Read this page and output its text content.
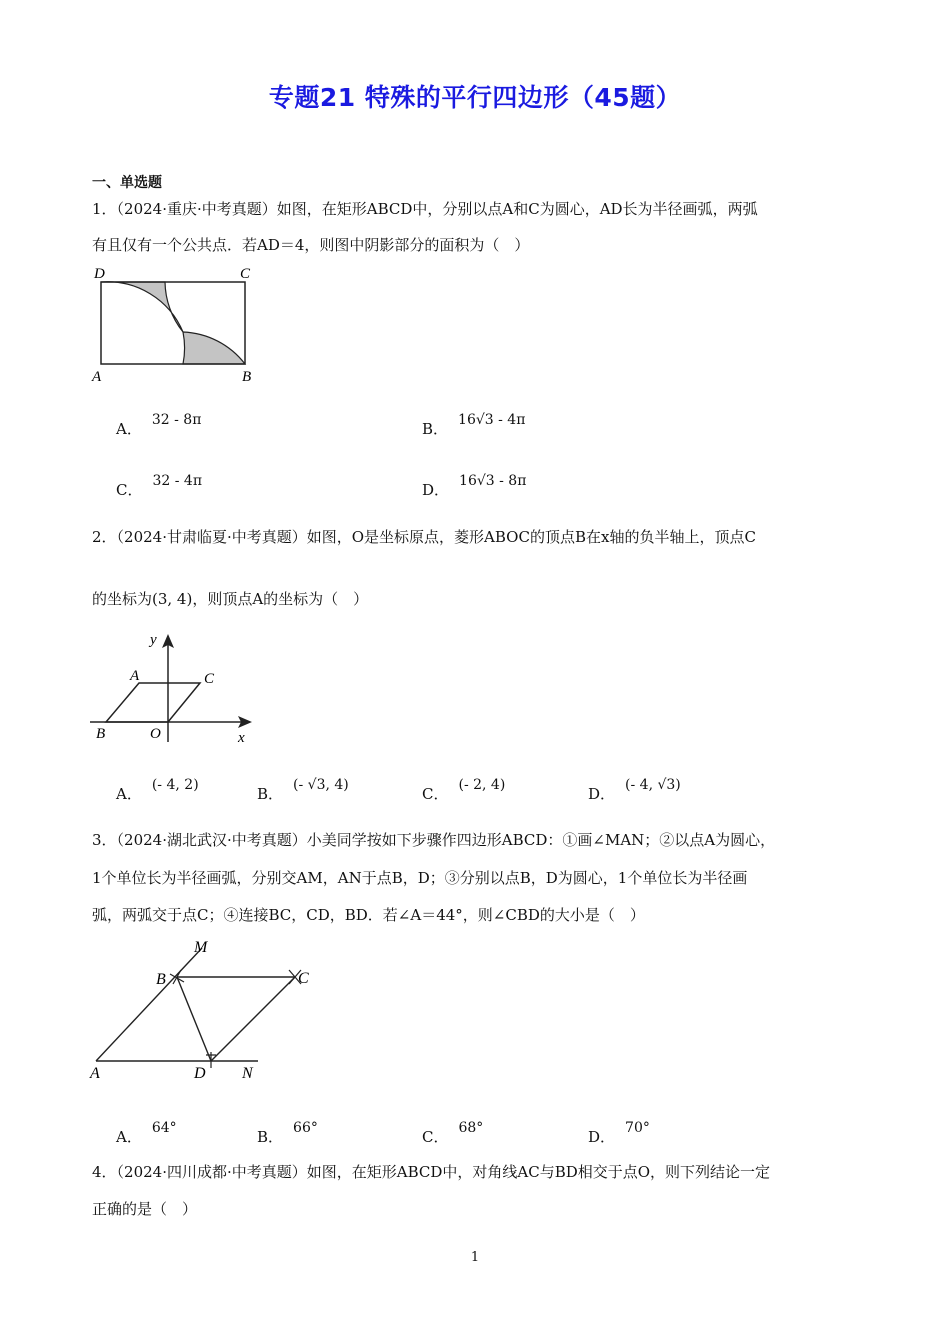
专题21 特殊的平行四边形（45题）
一、单选题
1．（2024·重庆·中考真题）如图，在矩形ABCD中，分别以点A和C为圆心，AD长为半径画弧，两弧
有且仅有一个公共点．若AD＝4，则图中阴影部分的面积为（　）
D	C
A	B
A． 32 - 8π	B． 16√3 - 4π
C． 32 - 4π	D． 16√3 - 8π
2．（2024·甘肃临夏·中考真题）如图，O是坐标原点，菱形ABOC的顶点B在x轴的负半轴上，顶点C
的坐标为(3, 4)，则顶点A的坐标为（　）
y
A	C
B	O	x
A． (- 4, 2)	B． (- √3, 4)	C． (- 2, 4)	D． (- 4, √3)
3．（2024·湖北武汉·中考真题）小美同学按如下步骤作四边形ABCD：①画∠MAN；②以点A为圆心，
1个单位长为半径画弧，分别交AM，AN于点B，D；③分别以点B，D为圆心，1个单位长为半径画
弧，两弧交于点C；④连接BC，CD，BD．若∠A＝44°，则∠CBD的大小是（　）
M
B	C
A	D N
A． 64°	B． 66°	C． 68°	D． 70°
4．（2024·四川成都·中考真题）如图，在矩形ABCD中，对角线AC与BD相交于点O，则下列结论一定
正确的是（　）
1
